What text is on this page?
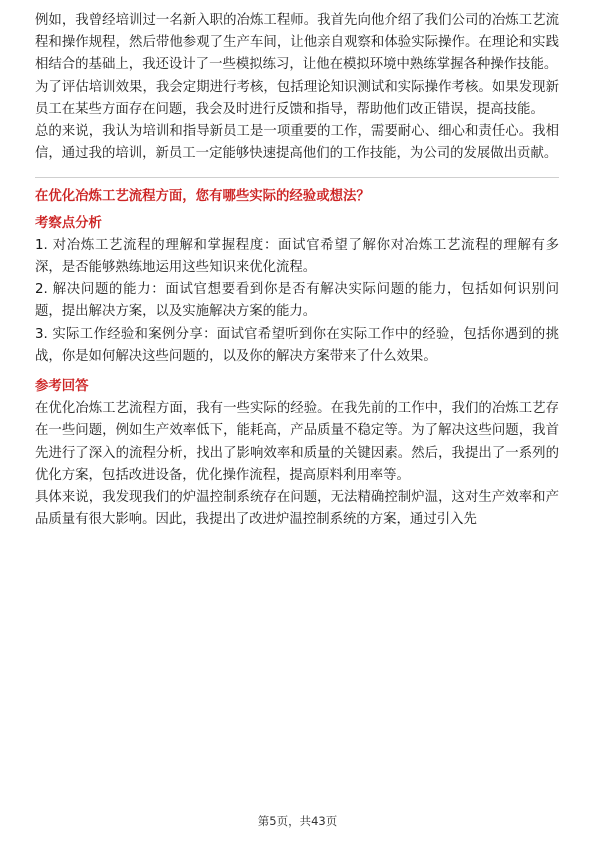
例如，我曾经培训过一名新入职的冶炼工程师。我首先向他介绍了我们公司的冶炼工艺流程和操作规程，然后带他参观了生产车间，让他亲自观察和体验实际操作。在理论和实践相结合的基础上，我还设计了一些模拟练习，让他在模拟环境中熟练掌握各种操作技能。

为了评估培训效果，我会定期进行考核，包括理论知识测试和实际操作考核。如果发现新员工在某些方面存在问题，我会及时进行反馈和指导，帮助他们改正错误，提高技能。

总的来说，我认为培训和指导新员工是一项重要的工作，需要耐心、细心和责任心。我相信，通过我的培训，新员工一定能够快速提高他们的工作技能，为公司的发展做出贡献。

在优化冶炼工艺流程方面，您有哪些实际的经验或想法？

考察点分析

1. 对冶炼工艺流程的理解和掌握程度：面试官希望了解你对冶炼工艺流程的理解有多深，是否能够熟练地运用这些知识来优化流程。

2. 解决问题的能力：面试官想要看到你是否有解决实际问题的能力，包括如何识别问题，提出解决方案，以及实施解决方案的能力。

3. 实际工作经验和案例分享：面试官希望听到你在实际工作中的经验，包括你遇到的挑战，你是如何解决这些问题的，以及你的解决方案带来了什么效果。

参考回答

在优化冶炼工艺流程方面，我有一些实际的经验。在我先前的工作中，我们的冶炼工艺存在一些问题，例如生产效率低下，能耗高，产品质量不稳定等。为了解决这些问题，我首先进行了深入的流程分析，找出了影响效率和质量的关键因素。然后，我提出了一系列的优化方案，包括改进设备，优化操作流程，提高原料利用率等。

具体来说，我发现我们的炉温控制系统存在问题，无法精确控制炉温，这对生产效率和产品质量有很大影响。因此，我提出了改进炉温控制系统的方案，通过引入先

第5页，共43页
